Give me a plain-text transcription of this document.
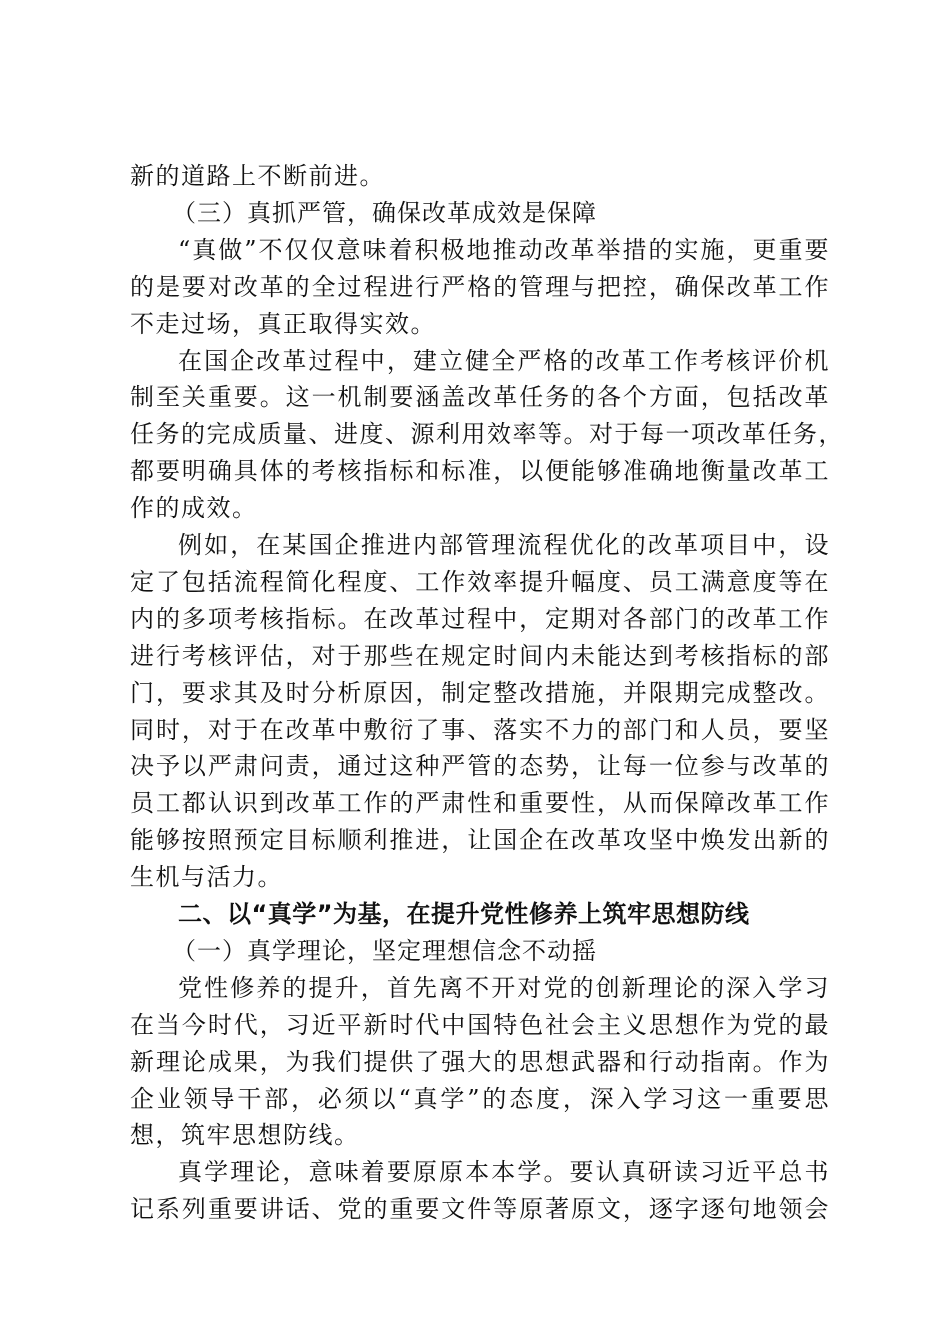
新的道路上不断前进。
（三）真抓严管，确保改革成效是保障
“真做”不仅仅意味着积极地推动改革举措的实施，更重要
的是要对改革的全过程进行严格的管理与把控，确保改革工作
不走过场，真正取得实效。
在国企改革过程中，建立健全严格的改革工作考核评价机
制至关重要。这一机制要涵盖改革任务的各个方面，包括改革
任务的完成质量、进度、源利用效率等。对于每一项改革任务，
都要明确具体的考核指标和标准，以便能够准确地衡量改革工
作的成效。
例如，在某国企推进内部管理流程优化的改革项目中，设
定了包括流程简化程度、工作效率提升幅度、员工满意度等在
内的多项考核指标。在改革过程中，定期对各部门的改革工作
进行考核评估，对于那些在规定时间内未能达到考核指标的部
门，要求其及时分析原因，制定整改措施，并限期完成整改。
同时，对于在改革中敷衍了事、落实不力的部门和人员，要坚
决予以严肃问责，通过这种严管的态势，让每一位参与改革的
员工都认识到改革工作的严肃性和重要性，从而保障改革工作
能够按照预定目标顺利推进，让国企在改革攻坚中焕发出新的
生机与活力。
二、以“真学”为基，在提升党性修养上筑牢思想防线
（一）真学理论，坚定理想信念不动摇
党性修养的提升，首先离不开对党的创新理论的深入学习
在当今时代，习近平新时代中国特色社会主义思想作为党的最
新理论成果，为我们提供了强大的思想武器和行动指南。作为
企业领导干部，必须以“真学”的态度，深入学习这一重要思
想，筑牢思想防线。
真学理论，意味着要原原本本学。要认真研读习近平总书
记系列重要讲话、党的重要文件等原著原文，逐字逐句地领会
